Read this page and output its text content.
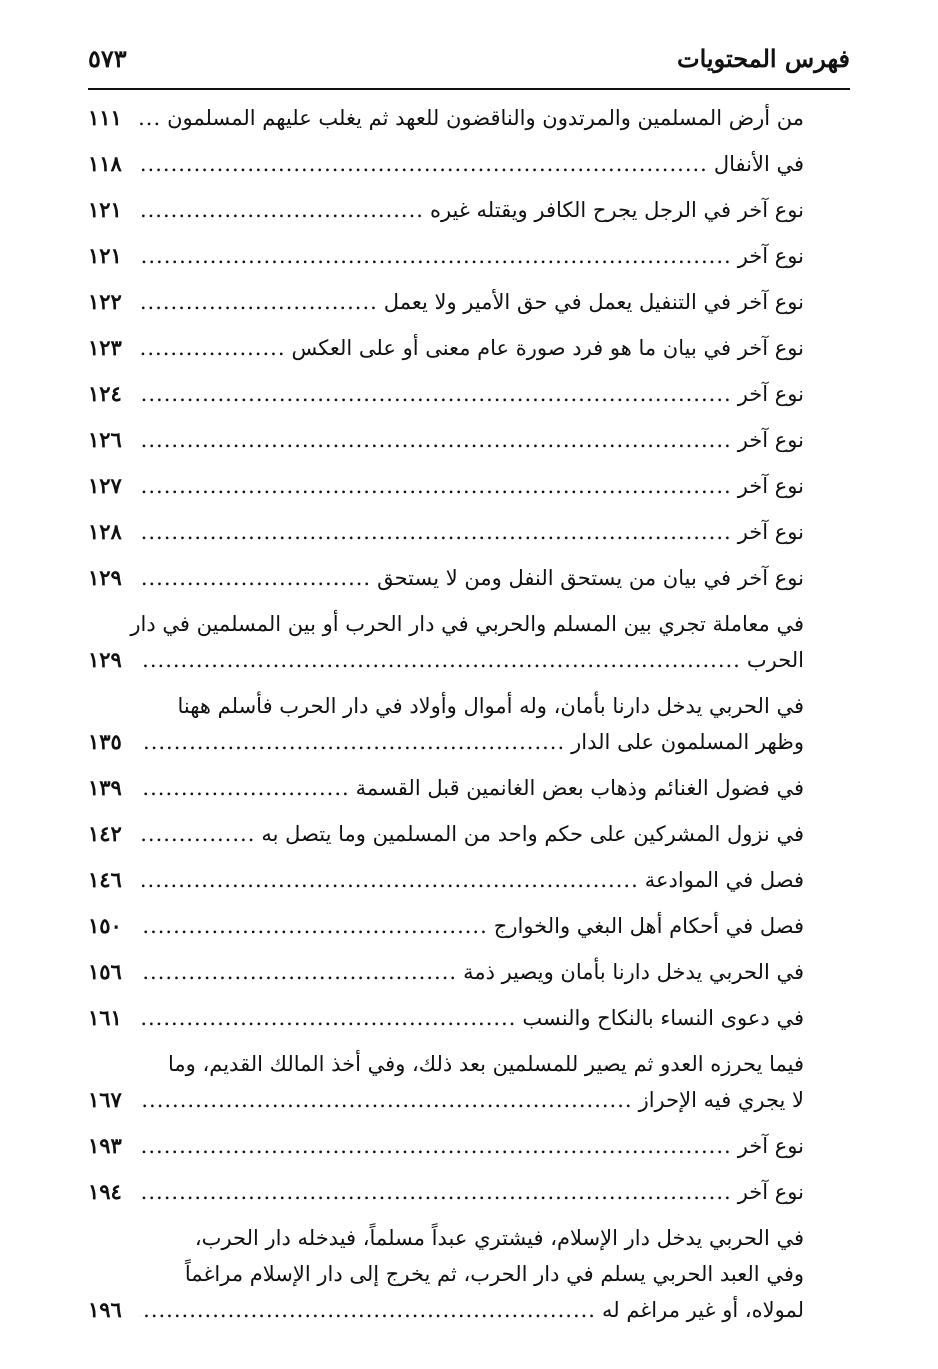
فهرس المحتويات
٥٧٣
من أرض المسلمين والمرتدون والناقضون للعهد ثم يغلب عليهم المسلمون
.....
١١١
في الأنفال
.....
١١٨
نوع آخر في الرجل يجرح الكافر ويقتله غيره
.....
١٢١
نوع آخر
.....
١٢١
نوع آخر في التنفيل يعمل في حق الأمير ولا يعمل
.....
١٢٢
نوع آخر في بيان ما هو فرد صورة عام معنى أو على العكس
.....
١٢٣
نوع آخر
.....
١٢٤
نوع آخر
.....
١٢٦
نوع آخر
.....
١٢٧
نوع آخر
.....
١٢٨
نوع آخر في بيان من يستحق النفل ومن لا يستحق
.....
١٢٩
في معاملة تجري بين المسلم والحربي في دار الحرب أو بين المسلمين في دار
الحرب
.....
١٢٩
في الحربي يدخل دارنا بأمان، وله أموال وأولاد في دار الحرب فأسلم ههنا
وظهر المسلمون على الدار
.....
١٣٥
في فضول الغنائم وذهاب بعض الغانمين قبل القسمة
.....
١٣٩
في نزول المشركين على حكم واحد من المسلمين وما يتصل به
.....
١٤٢
فصل في الموادعة
.....
١٤٦
فصل في أحكام أهل البغي والخوارج
.....
١٥٠
في الحربي يدخل دارنا بأمان ويصير ذمة
.....
١٥٦
في دعوى النساء بالنكاح والنسب
.....
١٦١
فيما يحرزه العدو ثم يصير للمسلمين بعد ذلك، وفي أخذ المالك القديم، وما
لا يجري فيه الإحراز
.....
١٦٧
نوع آخر
.....
١٩٣
نوع آخر
.....
١٩٤
في الحربي يدخل دار الإسلام، فيشتري عبداً مسلماً، فيدخله دار الحرب،
وفي العبد الحربي يسلم في دار الحرب، ثم يخرج إلى دار الإسلام مراغماً
لمولاه، أو غير مراغم له
.....
١٩٦
